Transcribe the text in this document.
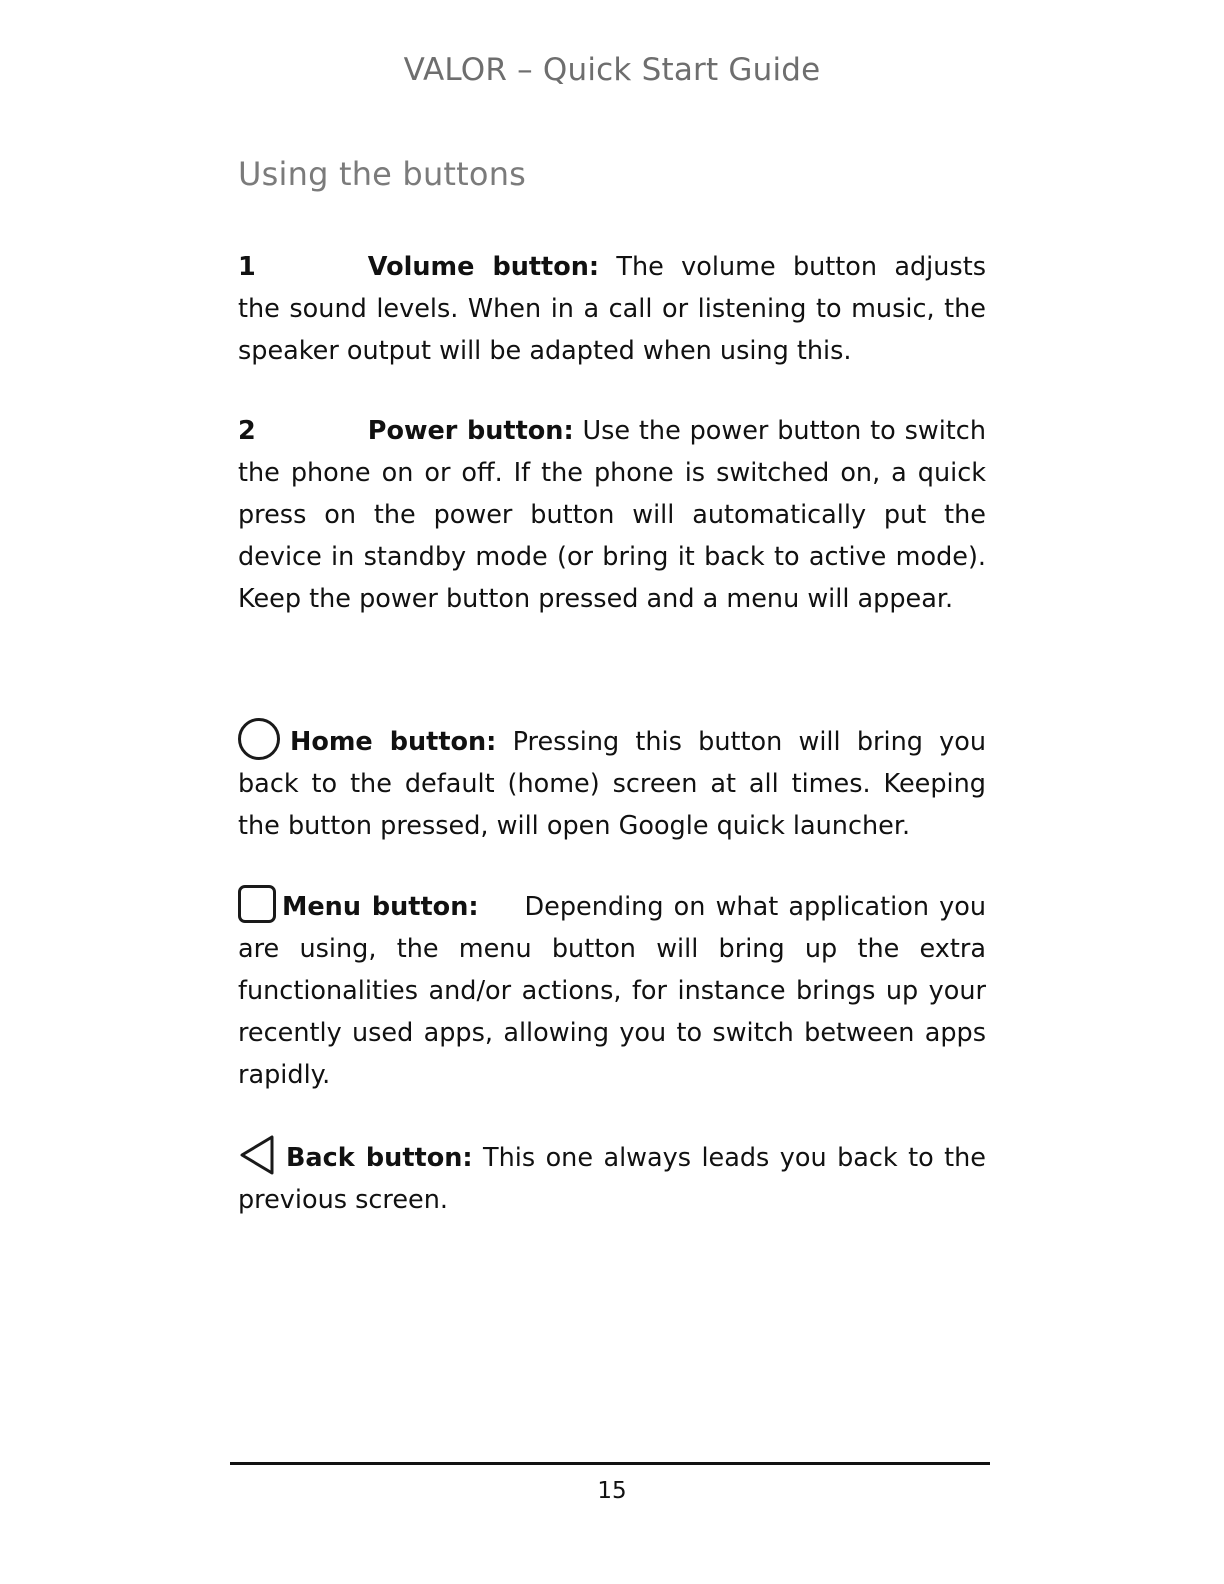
VALOR – Quick Start Guide
Using the buttons

1	Volume button: The volume button adjusts the sound levels. When in a call or listening to music, the speaker output will be adapted when using this.

2	Power button: Use the power button to switch the phone on or off. If the phone is switched on, a quick press on the power button will automatically put the device in standby mode (or bring it back to active mode). Keep the power button pressed and a menu will appear.

Home button: Pressing this button will bring you back to the default (home) screen at all times. Keeping the button pressed, will open Google quick launcher.

Menu button: Depending on what application you are using, the menu button will bring up the extra functionalities and/or actions, for instance brings up your recently used apps, allowing you to switch between apps rapidly.

Back button: This one always leads you back to the previous screen.

15
